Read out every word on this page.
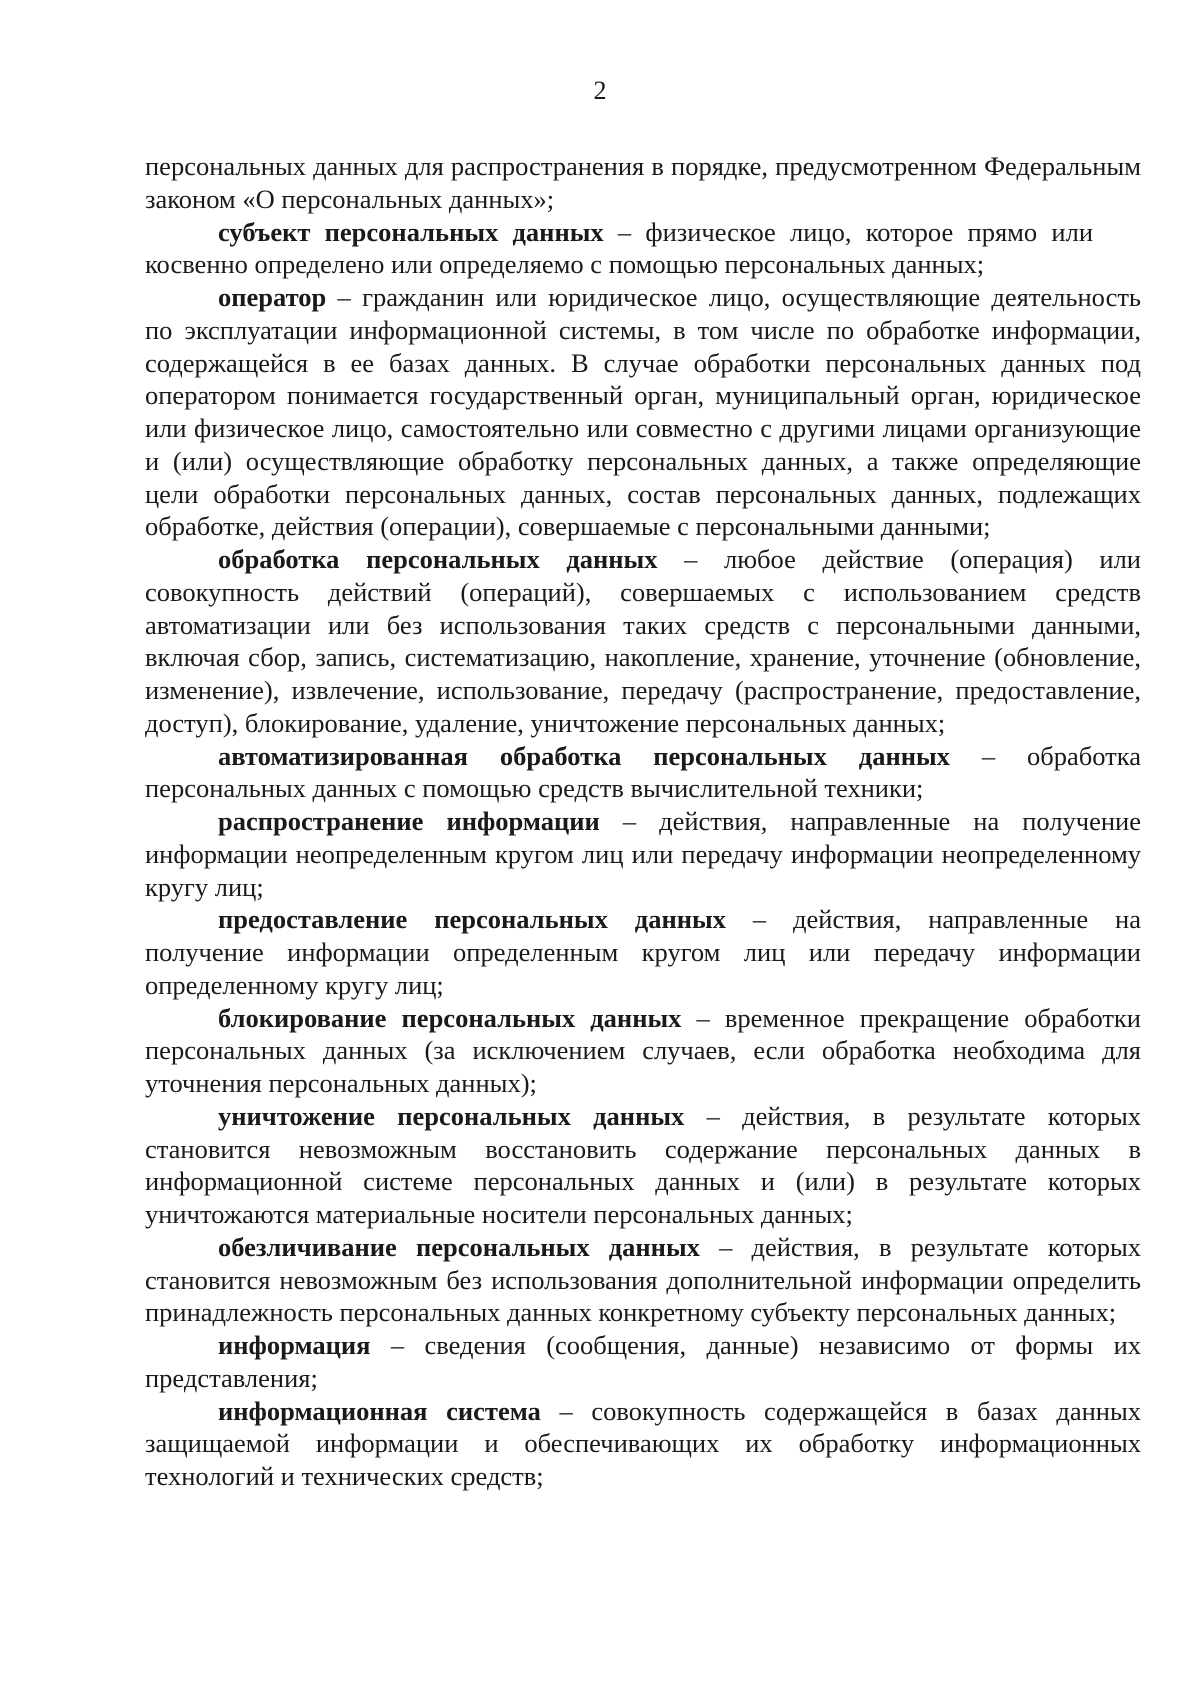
2

персональных данных для распространения в порядке, предусмотренном Федеральным законом «О персональных данных»;

субъект персональных данных – физическое лицо, которое прямо или косвенно определено или определяемо с помощью персональных данных;

оператор – гражданин или юридическое лицо, осуществляющие деятельность по эксплуатации информационной системы, в том числе по обработке информации, содержащейся в ее базах данных. В случае обработки персональных данных под оператором понимается государственный орган, муниципальный орган, юридическое или физическое лицо, самостоятельно или совместно с другими лицами организующие и (или) осуществляющие обработку персональных данных, а также определяющие цели обработки персональных данных, состав персональных данных, подлежащих обработке, действия (операции), совершаемые с персональными данными;

обработка персональных данных – любое действие (операция) или совокупность действий (операций), совершаемых с использованием средств автоматизации или без использования таких средств с персональными данными, включая сбор, запись, систематизацию, накопление, хранение, уточнение (обновление, изменение), извлечение, использование, передачу (распространение, предоставление, доступ), блокирование, удаление, уничтожение персональных данных;

автоматизированная обработка персональных данных – обработка персональных данных с помощью средств вычислительной техники;

распространение информации – действия, направленные на получение информации неопределенным кругом лиц или передачу информации неопределенному кругу лиц;

предоставление персональных данных – действия, направленные на получение информации определенным кругом лиц или передачу информации определенному кругу лиц;

блокирование персональных данных – временное прекращение обработки персональных данных (за исключением случаев, если обработка необходима для уточнения персональных данных);

уничтожение персональных данных – действия, в результате которых становится невозможным восстановить содержание персональных данных в информационной системе персональных данных и (или) в результате которых уничтожаются материальные носители персональных данных;

обезличивание персональных данных – действия, в результате которых становится невозможным без использования дополнительной информации определить принадлежность персональных данных конкретному субъекту персональных данных;

информация – сведения (сообщения, данные) независимо от формы их представления;

информационная система – совокупность содержащейся в базах данных защищаемой информации и обеспечивающих их обработку информационных технологий и технических средств;
